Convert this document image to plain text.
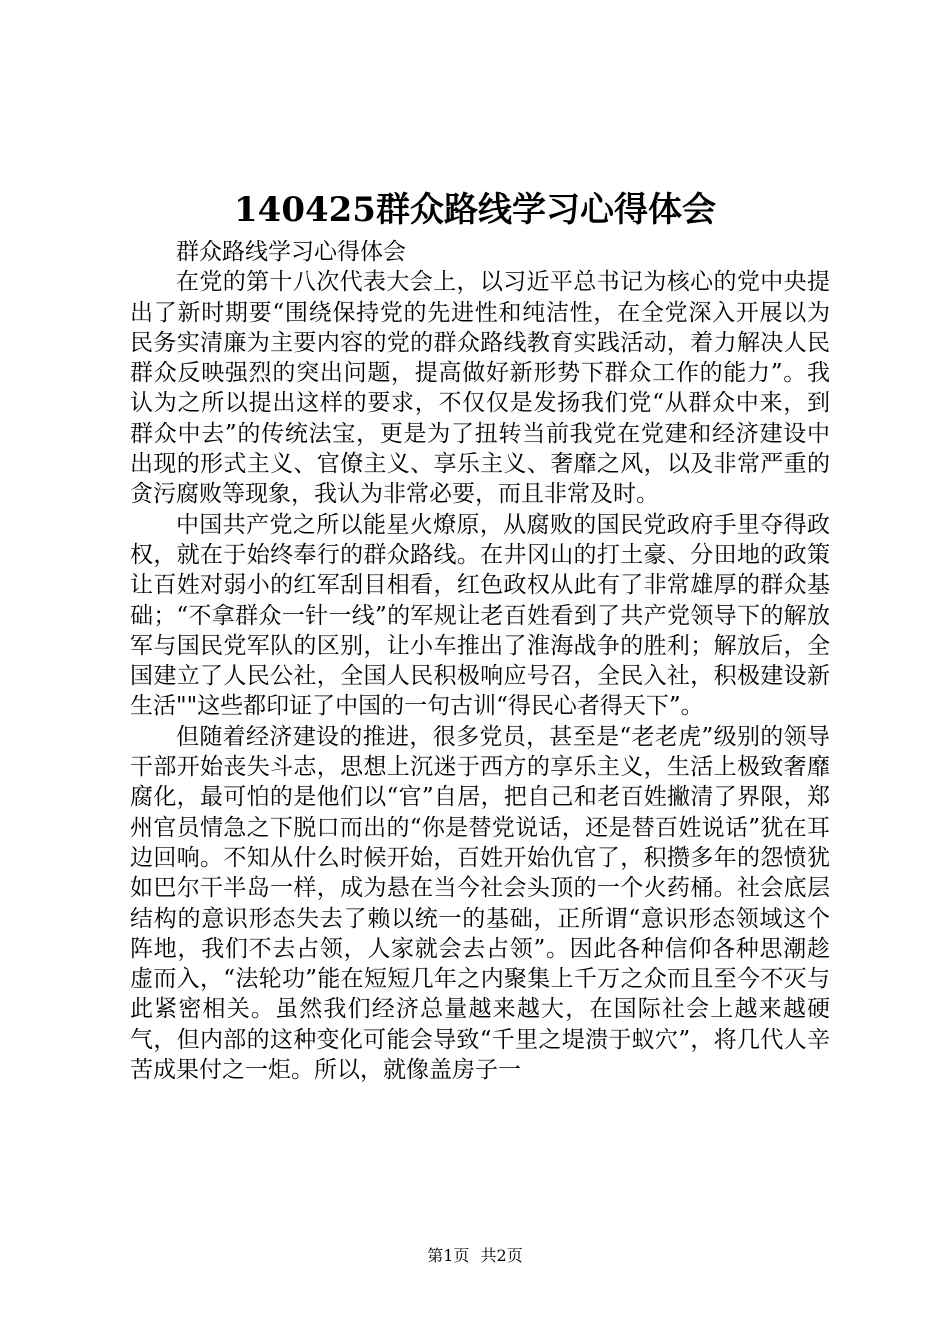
140425群众路线学习心得体会

群众路线学习心得体会

在党的第十八次代表大会上，以习近平总书记为核心的党中央提出了新时期要“围绕保持党的先进性和纯洁性，在全党深入开展以为民务实清廉为主要内容的党的群众路线教育实践活动，着力解决人民群众反映强烈的突出问题，提高做好新形势下群众工作的能力”。我认为之所以提出这样的要求，不仅仅是发扬我们党“从群众中来，到群众中去”的传统法宝，更是为了扭转当前我党在党建和经济建设中出现的形式主义、官僚主义、享乐主义、奢靡之风，以及非常严重的贪污腐败等现象，我认为非常必要，而且非常及时。

中国共产党之所以能星火燎原，从腐败的国民党政府手里夺得政权，就在于始终奉行的群众路线。在井冈山的打土豪、分田地的政策让百姓对弱小的红军刮目相看，红色政权从此有了非常雄厚的群众基础；“不拿群众一针一线”的军规让老百姓看到了共产党领导下的解放军与国民党军队的区别，让小车推出了淮海战争的胜利；解放后，全国建立了人民公社，全国人民积极响应号召，全民入社，积极建设新生活""这些都印证了中国的一句古训“得民心者得天下”。

但随着经济建设的推进，很多党员，甚至是“老老虎”级别的领导干部开始丧失斗志，思想上沉迷于西方的享乐主义，生活上极致奢靡腐化，最可怕的是他们以“官”自居，把自己和老百姓撇清了界限，郑州官员情急之下脱口而出的“你是替党说话，还是替百姓说话”犹在耳边回响。不知从什么时候开始，百姓开始仇官了，积攒多年的怨愤犹如巴尔干半岛一样，成为悬在当今社会头顶的一个火药桶。社会底层结构的意识形态失去了赖以统一的基础，正所谓“意识形态领域这个阵地，我们不去占领，人家就会去占领”。因此各种信仰各种思潮趁虚而入，“法轮功”能在短短几年之内聚集上千万之众而且至今不灭与此紧密相关。虽然我们经济总量越来越大，在国际社会上越来越硬气，但内部的这种变化可能会导致“千里之堤溃于蚁穴”，将几代人辛苦成果付之一炬。所以，就像盖房子一

第1页 共2页
